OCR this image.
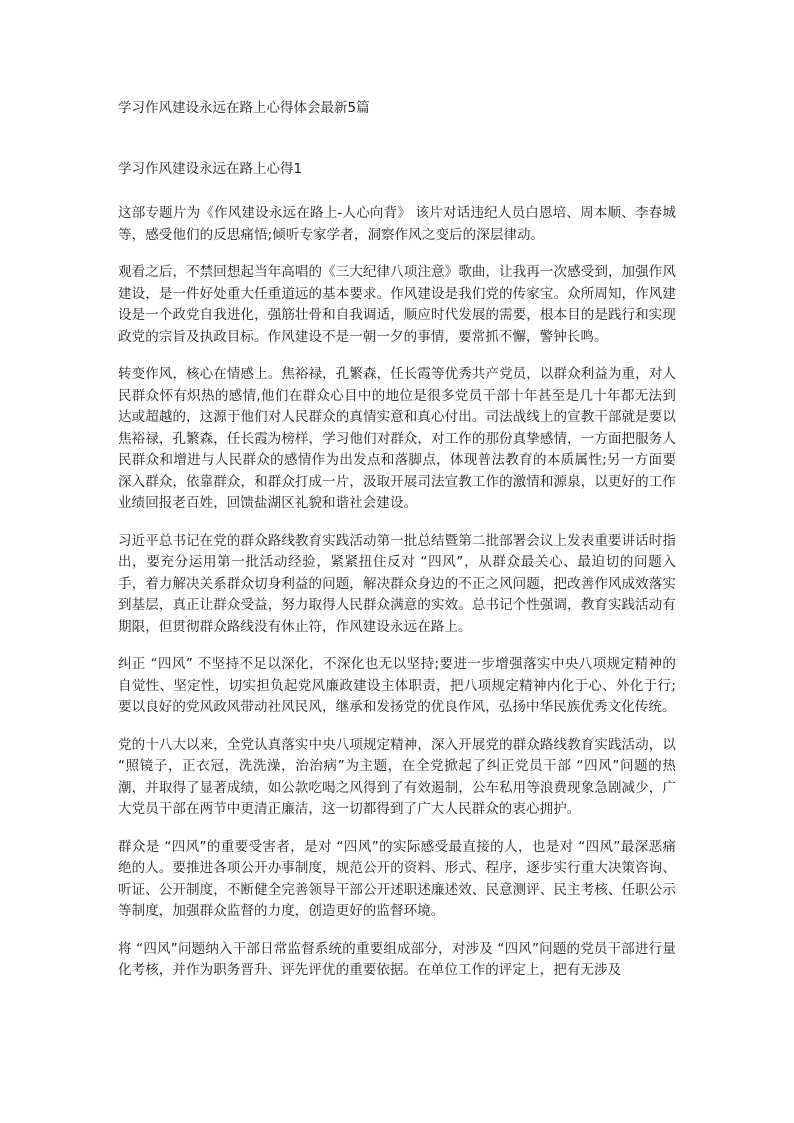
学习作风建设永远在路上心得体会最新5篇
学习作风建设永远在路上心得1

这部专题片为《作风建设永远在路上-人心向背》 该片对话违纪人员白恩培、周本顺、李春城等，感受他们的反思痛悟;倾听专家学者，洞察作风之变后的深层律动。

观看之后，不禁回想起当年高唱的《三大纪律八项注意》歌曲，让我再一次感受到，加强作风建设，是一件好处重大任重道远的基本要求。作风建设是我们党的传家宝。众所周知，作风建设是一个政党自我进化，强筋壮骨和自我调适，顺应时代发展的需要，根本目的是践行和实现政党的宗旨及执政目标。作风建设不是一朝一夕的事情，要常抓不懈，警钟长鸣。

转变作风，核心在情感上。焦裕禄，孔繁森，任长霞等优秀共产党员，以群众利益为重，对人民群众怀有炽热的感情,他们在群众心目中的地位是很多党员干部十年甚至是几十年都无法到达或超越的，这源于他们对人民群众的真情实意和真心付出。司法战线上的宣教干部就是要以焦裕禄，孔繁森，任长霞为榜样，学习他们对群众，对工作的那份真挚感情，一方面把服务人民群众和增进与人民群众的感情作为出发点和落脚点，体现普法教育的本质属性;另一方面要深入群众，依靠群众，和群众打成一片，汲取开展司法宣教工作的激情和源泉，以更好的工作业绩回报老百姓，回馈盐湖区礼貌和谐社会建设。

习近平总书记在党的群众路线教育实践活动第一批总结暨第二批部署会议上发表重要讲话时指出，要充分运用第一批活动经验，紧紧扭住反对 “四风”，从群众最关心、最迫切的问题入手，着力解决关系群众切身利益的问题，解决群众身边的不正之风问题，把改善作风成效落实到基层，真正让群众受益，努力取得人民群众满意的实效。总书记个性强调，教育实践活动有期限，但贯彻群众路线没有休止符，作风建设永远在路上。

纠正 “四风” 不坚持不足以深化，不深化也无以坚持;要进一步增强落实中央八项规定精神的自觉性、坚定性，切实担负起党风廉政建设主体职责，把八项规定精神内化于心、外化于行;要以良好的党风政风带动社风民风，继承和发扬党的优良作风，弘扬中华民族优秀文化传统。

党的十八大以来，全党认真落实中央八项规定精神，深入开展党的群众路线教育实践活动，以 “照镜子，正衣冠，洗洗澡，治治病”为主题，在全党掀起了纠正党员干部 “四风”问题的热潮，并取得了显著成绩，如公款吃喝之风得到了有效遏制，公车私用等浪费现象急剧减少，广大党员干部在两节中更清正廉洁，这一切都得到了广大人民群众的衷心拥护。

群众是 “四风”的重要受害者，是对 “四风”的实际感受最直接的人，也是对 “四风”最深恶痛绝的人。要推进各项公开办事制度，规范公开的资料、形式、程序，逐步实行重大决策咨询、听证、公开制度，不断健全完善领导干部公开述职述廉述效、民意测评、民主考核、任职公示等制度，加强群众监督的力度，创造更好的监督环境。

将 “四风”问题纳入干部日常监督系统的重要组成部分，对涉及 “四风”问题的党员干部进行量化考核，并作为职务晋升、评先评优的重要依据。在单位工作的评定上，把有无涉及
